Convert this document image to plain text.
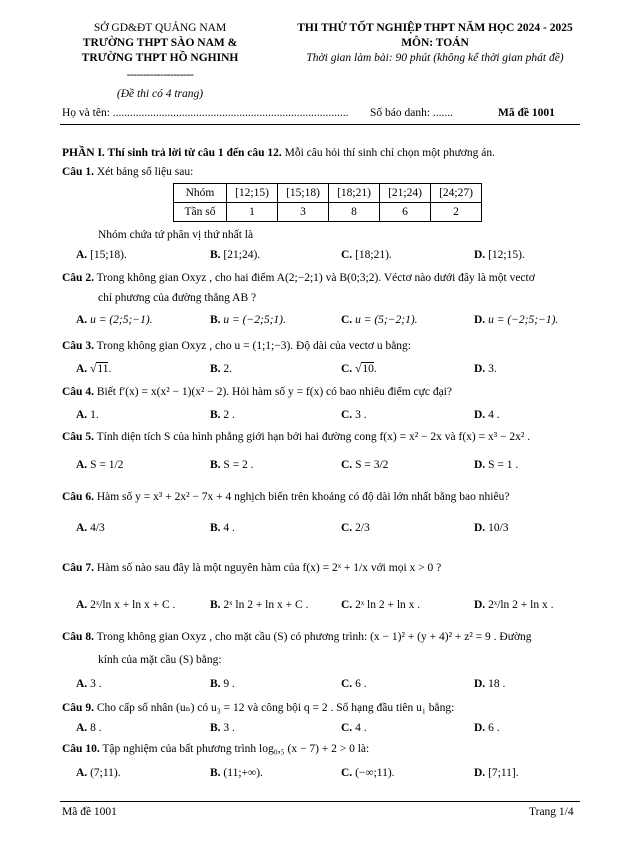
SỞ GD&ĐT QUẢNG NAM
TRƯỜNG THPT SÀO NAM &
TRƯỜNG THPT HỒ NGHINH
--------------------
(Đề thi có 4 trang)
THI THỬ TỐT NGHIỆP THPT NĂM HỌC 2024 - 2025
MÔN: TOÁN
Thời gian làm bài: 90 phút (không kể thời gian phát đề)
Họ và tên: .................................................................................. Số báo danh: .......	Mã đề 1001
PHẦN I. Thí sinh trả lời từ câu 1 đến câu 12. Mỗi câu hỏi thí sinh chỉ chọn một phương án.
Câu 1. Xét bảng số liệu sau:
Nhóm	[12;15)	[15;18)	[18;21)	[21;24)	[24;27)
Tần số	1	3	8	6	2
Nhóm chứa tứ phân vị thứ nhất là
A. [15;18).	B. [21;24).	C. [18;21).	D. [12;15).
Câu 2. Trong không gian Oxyz , cho hai điểm A(2;−2;1) và B(0;3;2). Véctơ nào dưới đây là một vectơ
chỉ phương của đường thẳng AB ?
A. u = (2;5;−1).	B. u = (−2;5;1).	C. u = (5;−2;1).	D. u = (−2;5;−1).
Câu 3. Trong không gian Oxyz , cho u = (1;1;−3). Độ dài của vectơ u bằng:
A. √11.	B. 2.	C. √10.	D. 3.
Câu 4. Biết f′(x) = x(x² − 1)(x² − 2). Hỏi hàm số y = f(x) có bao nhiêu điểm cực đại?
A. 1.	B. 2 .	C. 3 .	D. 4 .
Câu 5. Tính diện tích S của hình phẳng giới hạn bởi hai đường cong f(x) = x² − 2x và f(x) = x³ − 2x² .
A. S = 1/2	B. S = 2 .	C. S = 3/2	D. S = 1 .
Câu 6. Hàm số y = x³ + 2x² − 7x + 4 nghịch biến trên khoảng có độ dài lớn nhất bằng bao nhiêu?
A. 4/3	B. 4 .	C. 2/3	D. 10/3
Câu 7. Hàm số nào sau đây là một nguyên hàm của f(x) = 2ˣ + 1/x với mọi x > 0 ?
A. 2ˣ/ln x + ln x + C .	B. 2ˣ ln 2 + ln x + C .	C. 2ˣ ln 2 + ln x .	D. 2ˣ/ln 2 + ln x .
Câu 8. Trong không gian Oxyz , cho mặt cầu (S) có phương trình: (x − 1)² + (y + 4)² + z² = 9 . Đường
kính của mặt cầu (S) bằng:
A. 3 .	B. 9 .	C. 6 .	D. 18 .
Câu 9. Cho cấp số nhân (uₙ) có u₃ = 12 và công bội q = 2 . Số hạng đầu tiên u₁ bằng:
A. 8 .	B. 3 .	C. 4 .	D. 6 .
Câu 10. Tập nghiệm của bất phương trình log₀,₅ (x − 7) + 2 > 0 là:
A. (7;11).	B. (11;+∞).	C. (−∞;11).	D. [7;11].
Mã đề 1001	Trang 1/4
